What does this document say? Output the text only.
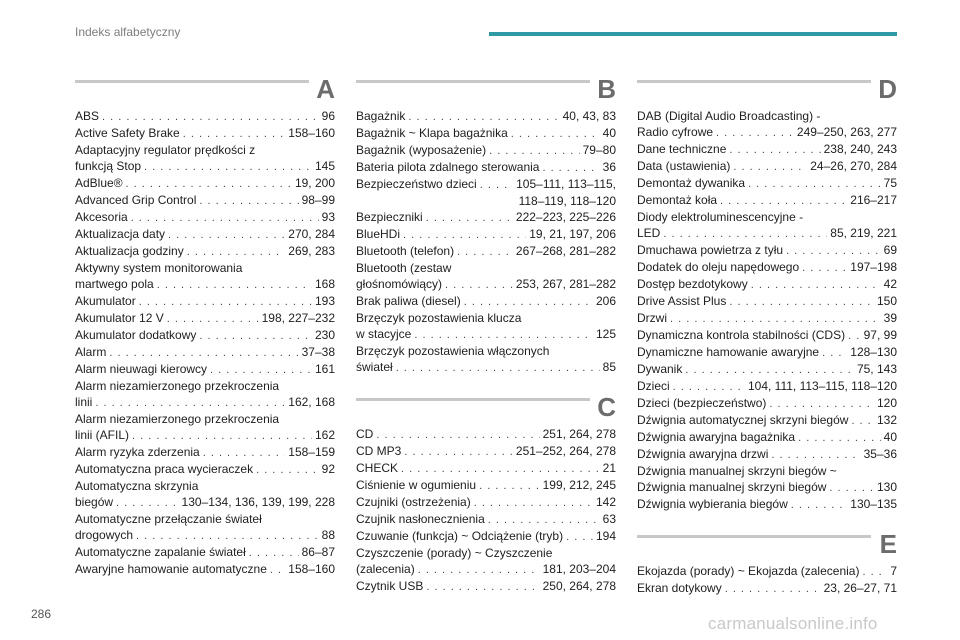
Indeks alfabetyczny
A
ABS . . .	96
Active Safety Brake . . .	158–160
Adaptacyjny regulator prędkości z
funkcją Stop . . .	145
AdBlue® . . .	19, 200
Advanced Grip Control . . .	98–99
Akcesoria . . .	93
Aktualizacja daty . . .	270, 284
Aktualizacja godziny . . .	269, 283
Aktywny system monitorowania
martwego pola . . .	168
Akumulator . . .	193
Akumulator 12 V . . .	198, 227–232
Akumulator dodatkowy . . .	230
Alarm . . .	37–38
Alarm nieuwagi kierowcy . . .	161
Alarm niezamierzonego przekroczenia
linii . . .	162, 168
Alarm niezamierzonego przekroczenia
linii (AFIL) . . .	162
Alarm ryzyka zderzenia . . .	158–159
Automatyczna praca wycieraczek . . .	92
Automatyczna skrzynia
biegów . . .	130–134, 136, 139, 199, 228
Automatyczne przełączanie świateł
drogowych . . .	88
Automatyczne zapalanie świateł . . .	86–87
Awaryjne hamowanie automatyczne . . . 158–160
B
Bagażnik . . .	40, 43, 83
Bagażnik ~ Klapa bagażnika . . .	40
Bagażnik (wyposażenie) . . .	79–80
Bateria pilota zdalnego sterowania . . .	36
Bezpieczeństwo dzieci . . .	105–111, 113–115,
118–119, 118–120
Bezpieczniki . . .	222–223, 225–226
BlueHDi . . .	19, 21, 197, 206
Bluetooth (telefon) . . .	267–268, 281–282
Bluetooth (zestaw
głośnomówiący) . . .	253, 267, 281–282
Brak paliwa (diesel) . . .	206
Brzęczyk pozostawienia klucza
w stacyjce . . .	125
Brzęczyk pozostawienia włączonych
świateł . . .	85
C
CD . . .	251, 264, 278
CD MP3 . . .	251–252, 264, 278
CHECK . . .	21
Ciśnienie w ogumieniu . . .	199, 212, 245
Czujniki (ostrzeżenia) . . .	142
Czujnik nasłonecznienia . . .	63
Czuwanie (funkcja) ~ Odciążenie (tryb) . . .	194
Czyszczenie (porady) ~ Czyszczenie
(zalecenia) . . .	181, 203–204
Czytnik USB . . .	250, 264, 278
D
DAB (Digital Audio Broadcasting) -
Radio cyfrowe . . .	249–250, 263, 277
Dane techniczne . . .	238, 240, 243
Data (ustawienia) . . .	24–26, 270, 284
Demontaż dywanika . . .	75
Demontaż koła . . .	216–217
Diody elektroluminescencyjne -
LED . . .	85, 219, 221
Dmuchawa powietrza z tyłu . . .	69
Dodatek do oleju napędowego . . .	197–198
Dostęp bezdotykowy . . .	42
Drive Assist Plus . . .	150
Drzwi . . .	39
Dynamiczna kontrola stabilności (CDS) . . . 97, 99
Dynamiczne hamowanie awaryjne . . .	128–130
Dywanik . . .	75, 143
Dzieci . . .	104, 111, 113–115, 118–120
Dzieci (bezpieczeństwo) . . .	120
Dźwignia automatycznej skrzyni biegów . . . 132
Dźwignia awaryjna bagażnika . . .	40
Dźwignia awaryjna drzwi . . .	35–36
Dźwignia manualnej skrzyni biegów ~
Dźwignia manualnej skrzyni biegów . . .	130
Dźwignia wybierania biegów . . .	130–135
E
Ekojazda (porady) ~ Ekojazda (zalecenia) . . .	7
Ekran dotykowy . . .	23, 26–27, 71
286	carmanualsonline.info
